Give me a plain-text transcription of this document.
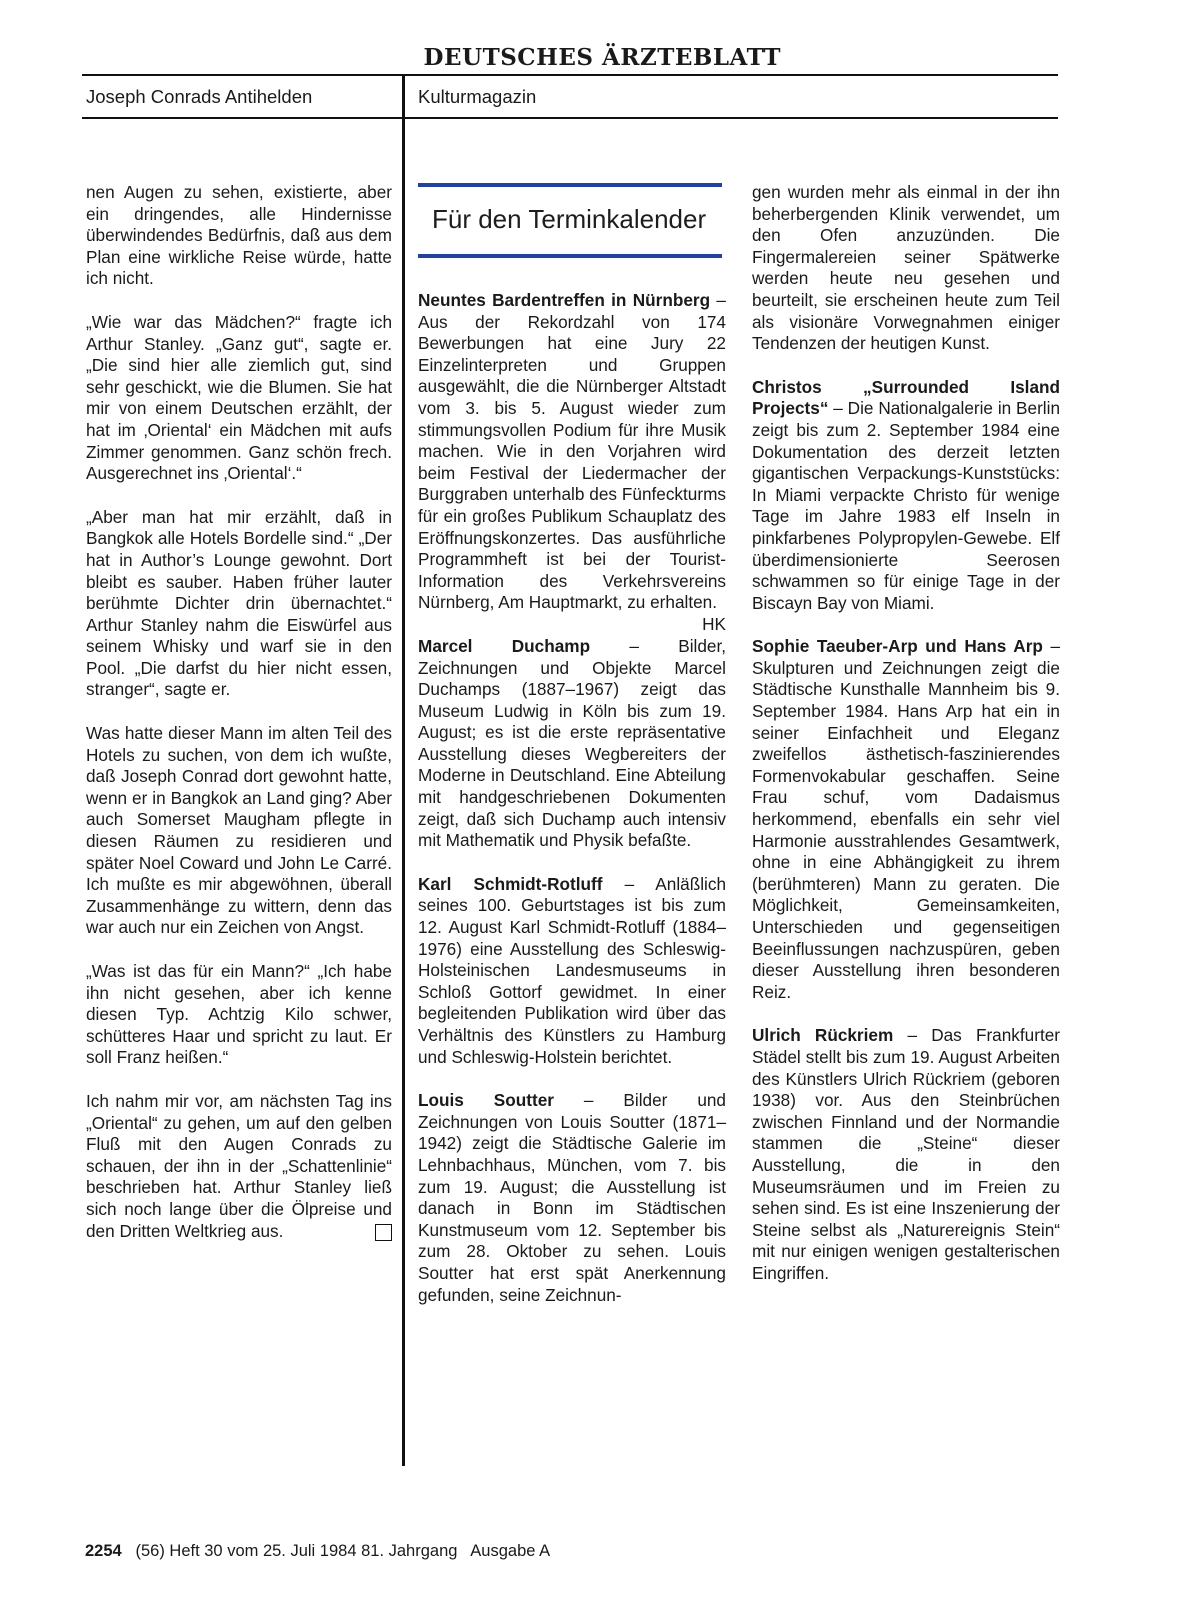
DEUTSCHES ÄRZTEBLATT
Joseph Conrads Antihelden	Kulturmagazin

nen Augen zu sehen, existierte, aber ein dringendes, alle Hindernisse überwindendes Bedürfnis, daß aus dem Plan eine wirkliche Reise würde, hatte ich nicht.

„Wie war das Mädchen?“ fragte ich Arthur Stanley. „Ganz gut“, sagte er. „Die sind hier alle ziemlich gut, sind sehr geschickt, wie die Blumen. Sie hat mir von einem Deutschen erzählt, der hat im ‚Oriental‘ ein Mädchen mit aufs Zimmer genommen. Ganz schön frech. Ausgerechnet ins ‚Oriental‘.“

„Aber man hat mir erzählt, daß in Bangkok alle Hotels Bordelle sind.“ „Der hat in Author’s Lounge gewohnt. Dort bleibt es sauber. Haben früher lauter berühmte Dichter drin übernachtet.“ Arthur Stanley nahm die Eiswürfel aus seinem Whisky und warf sie in den Pool. „Die darfst du hier nicht essen, stranger“, sagte er.

Was hatte dieser Mann im alten Teil des Hotels zu suchen, von dem ich wußte, daß Joseph Conrad dort gewohnt hatte, wenn er in Bangkok an Land ging? Aber auch Somerset Maugham pflegte in diesen Räumen zu residieren und später Noel Coward und John Le Carré. Ich mußte es mir abgewöhnen, überall Zusammenhänge zu wittern, denn das war auch nur ein Zeichen von Angst.

„Was ist das für ein Mann?“ „Ich habe ihn nicht gesehen, aber ich kenne diesen Typ. Achtzig Kilo schwer, schütteres Haar und spricht zu laut. Er soll Franz heißen.“

Ich nahm mir vor, am nächsten Tag ins „Oriental“ zu gehen, um auf den gelben Fluß mit den Augen Conrads zu schauen, der ihn in der „Schattenlinie“ beschrieben hat. Arthur Stanley ließ sich noch lange über die Ölpreise und den Dritten Weltkrieg aus.

Für den Terminkalender

Neuntes Bardentreffen in Nürnberg – Aus der Rekordzahl von 174 Bewerbungen hat eine Jury 22 Einzelinterpreten und Gruppen ausgewählt, die die Nürnberger Altstadt vom 3. bis 5. August wieder zum stimmungsvollen Podium für ihre Musik machen. Wie in den Vorjahren wird beim Festival der Liedermacher der Burggraben unterhalb des Fünfeckturms für ein großes Publikum Schauplatz des Eröffnungskonzertes. Das ausführliche Programmheft ist bei der Tourist-Information des Verkehrsvereins Nürnberg, Am Hauptmarkt, zu erhalten.
HK

Marcel Duchamp – Bilder, Zeichnungen und Objekte Marcel Duchamps (1887–1967) zeigt das Museum Ludwig in Köln bis zum 19. August; es ist die erste repräsentative Ausstellung dieses Wegbereiters der Moderne in Deutschland. Eine Abteilung mit handgeschriebenen Dokumenten zeigt, daß sich Duchamp auch intensiv mit Mathematik und Physik befaßte.

Karl Schmidt-Rotluff – Anläßlich seines 100. Geburtstages ist bis zum 12. August Karl Schmidt-Rotluff (1884–1976) eine Ausstellung des Schleswig-Holsteinischen Landesmuseums in Schloß Gottorf gewidmet. In einer begleitenden Publikation wird über das Verhältnis des Künstlers zu Hamburg und Schleswig-Holstein berichtet.

Louis Soutter – Bilder und Zeichnungen von Louis Soutter (1871–1942) zeigt die Städtische Galerie im Lehnbachhaus, München, vom 7. bis zum 19. August; die Ausstellung ist danach in Bonn im Städtischen Kunstmuseum vom 12. September bis zum 28. Oktober zu sehen. Louis Soutter hat erst spät Anerkennung gefunden, seine Zeichnun-

gen wurden mehr als einmal in der ihn beherbergenden Klinik verwendet, um den Ofen anzuzünden. Die Fingermalereien seiner Spätwerke werden heute neu gesehen und beurteilt, sie erscheinen heute zum Teil als visionäre Vorwegnahmen einiger Tendenzen der heutigen Kunst.

Christos „Surrounded Island Projects“ – Die Nationalgalerie in Berlin zeigt bis zum 2. September 1984 eine Dokumentation des derzeit letzten gigantischen Verpackungs-Kunststücks: In Miami verpackte Christo für wenige Tage im Jahre 1983 elf Inseln in pinkfarbenes Polypropylen-Gewebe. Elf überdimensionierte Seerosen schwammen so für einige Tage in der Biscayn Bay von Miami.

Sophie Taeuber-Arp und Hans Arp – Skulpturen und Zeichnungen zeigt die Städtische Kunsthalle Mannheim bis 9. September 1984. Hans Arp hat ein in seiner Einfachheit und Eleganz zweifellos ästhetisch-faszinierendes Formenvokabular geschaffen. Seine Frau schuf, vom Dadaismus herkommend, ebenfalls ein sehr viel Harmonie ausstrahlendes Gesamtwerk, ohne in eine Abhängigkeit zu ihrem (berühmteren) Mann zu geraten. Die Möglichkeit, Gemeinsamkeiten, Unterschieden und gegenseitigen Beeinflussungen nachzuspüren, geben dieser Ausstellung ihren besonderen Reiz.

Ulrich Rückriem – Das Frankfurter Städel stellt bis zum 19. August Arbeiten des Künstlers Ulrich Rückriem (geboren 1938) vor. Aus den Steinbrüchen zwischen Finnland und der Normandie stammen die „Steine“ dieser Ausstellung, die in den Museumsräumen und im Freien zu sehen sind. Es ist eine Inszenierung der Steine selbst als „Naturereignis Stein“ mit nur einigen wenigen gestalterischen Eingriffen.

2254 (56) Heft 30 vom 25. Juli 1984 81. Jahrgang Ausgabe A
